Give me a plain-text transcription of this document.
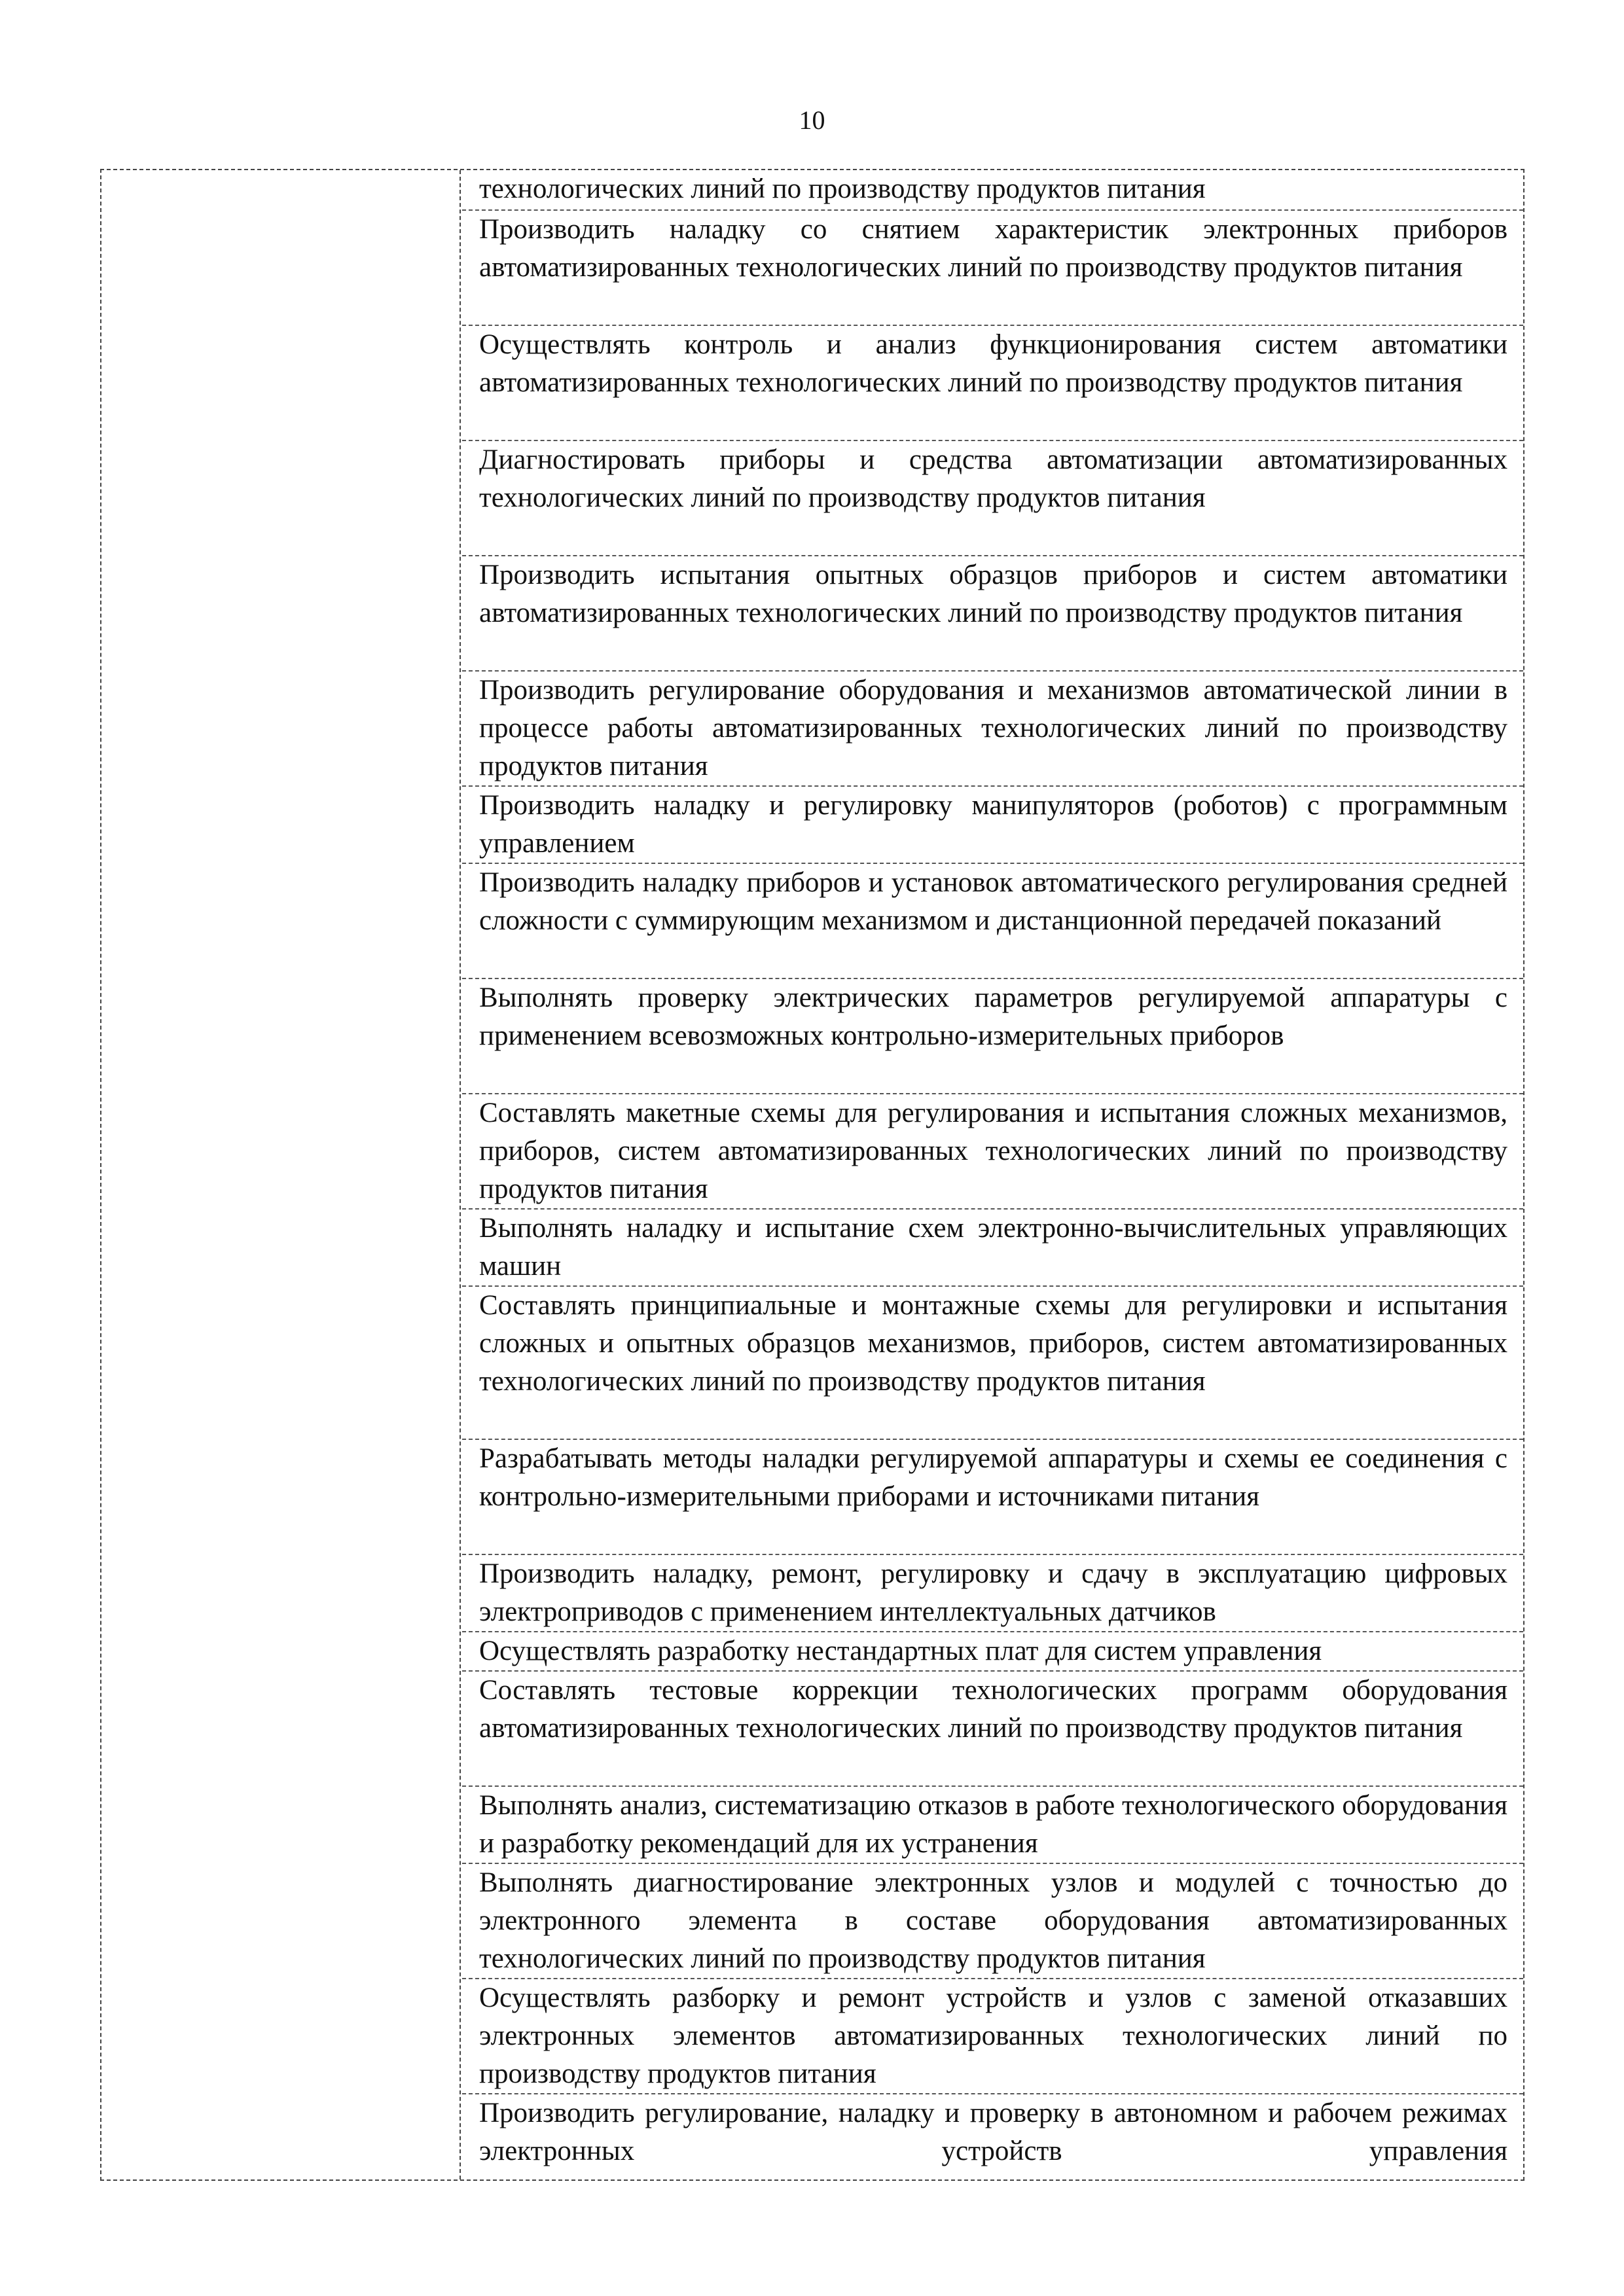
10
технологических линий по производству продуктов питания
Производить наладку со снятием характеристик электронных приборов автоматизированных технологических линий по производству продуктов питания
Осуществлять контроль и анализ функционирования систем автоматики автоматизированных технологических линий по производству продуктов питания
Диагностировать приборы и средства автоматизации автоматизированных технологических линий по производству продуктов питания
Производить испытания опытных образцов приборов и систем автоматики автоматизированных технологических линий по производству продуктов питания
Производить регулирование оборудования и механизмов автоматической линии в процессе работы автоматизированных технологических линий по производству продуктов питания
Производить наладку и регулировку манипуляторов (роботов) с программным управлением
Производить наладку приборов и установок автоматического регулирования средней сложности с суммирующим механизмом и дистанционной передачей показаний
Выполнять проверку электрических параметров регулируемой аппаратуры с применением всевозможных контрольно-измерительных приборов
Составлять макетные схемы для регулирования и испытания сложных механизмов, приборов, систем автоматизированных технологических линий по производству продуктов питания
Выполнять наладку и испытание схем электронно-вычислительных управляющих машин
Составлять принципиальные и монтажные схемы для регулировки и испытания сложных и опытных образцов механизмов, приборов, систем автоматизированных технологических линий по производству продуктов питания
Разрабатывать методы наладки регулируемой аппаратуры и схемы ее соединения с контрольно-измерительными приборами и источниками питания
Производить наладку, ремонт, регулировку и сдачу в эксплуатацию цифровых электроприводов с применением интеллектуальных датчиков
Осуществлять разработку нестандартных плат для систем управления
Составлять тестовые коррекции технологических программ оборудования автоматизированных технологических линий по производству продуктов питания
Выполнять анализ, систематизацию отказов в работе технологического оборудования и разработку рекомендаций для их устранения
Выполнять диагностирование электронных узлов и модулей с точностью до электронного элемента в составе оборудования автоматизированных технологических линий по производству продуктов питания
Осуществлять разборку и ремонт устройств и узлов с заменой отказавших электронных элементов автоматизированных технологических линий по производству продуктов питания
Производить регулирование, наладку и проверку в автономном и рабочем режимах электронных устройств управления
